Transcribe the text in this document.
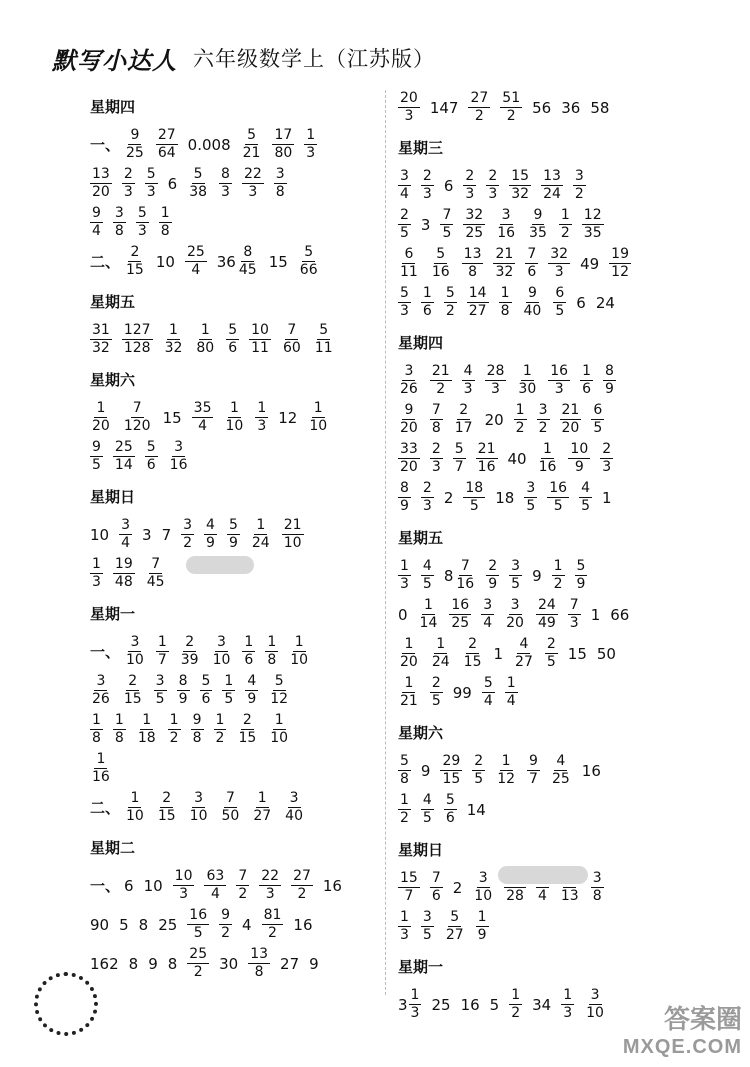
默写小达人 六年级数学上（江苏版）
星期四
一、 $\frac{9}{25} \frac{27}{64} 0.008 \frac{5}{21} \frac{17}{80} \frac{1}{3}$
$\frac{13}{20} \frac{2}{3} \frac{5}{3} 6 \frac{5}{38} \frac{8}{3} \frac{22}{3} \frac{3}{8}$
$\frac{9}{4} \frac{3}{8} \frac{5}{3} \frac{1}{8}$
二、 $\frac{2}{15} 10 \frac{25}{4} 36 \frac{8}{45} 15 \frac{5}{66}$
星期五
$\frac{31}{32} \frac{127}{128} \frac{1}{32} \frac{1}{80} \frac{5}{6} \frac{10}{11} \frac{7}{60} \frac{5}{11}$
星期六
$\frac{1}{20} \frac{7}{120} 15 \frac{35}{4} \frac{1}{10} \frac{1}{3} 12 \frac{1}{10}$
$\frac{9}{5} \frac{25}{14} \frac{5}{6} \frac{3}{16}$
星期日
$10 \frac{3}{4} 3$ $7 \frac{3}{2} \frac{4}{9} \frac{5}{9} \frac{1}{24} \frac{21}{10}$
$\frac{1}{3} \frac{19}{48} \frac{7}{45}$
星期一
一、 $\frac{3}{10} \frac{1}{7} \frac{2}{39} \frac{3}{10} \frac{1}{6} \frac{1}{8} \frac{1}{10}$
$\frac{3}{26} \frac{2}{15} \frac{3}{5} \frac{8}{9} \frac{5}{6} \frac{1}{5} \frac{4}{9} \frac{5}{12}$
$\frac{1}{8} \frac{1}{8} \frac{1}{18} \frac{1}{2} \frac{9}{8} \frac{1}{2} \frac{2}{15} \frac{1}{10}$
$\frac{1}{16}$
二、 $\frac{1}{10} \frac{2}{15} \frac{3}{10} \frac{7}{50} \frac{1}{27} \frac{3}{40}$
星期二
一、 6 $10 \frac{10}{3} \frac{63}{4} \frac{7}{2} \frac{22}{3} \frac{27}{2} 16$
90 5 8 $25 \frac{16}{5} \frac{9}{2} 4 \frac{81}{2} 16$
162 8 9 $8 \frac{25}{2} 30 \frac{13}{8} 27$ 9
$\frac{20}{3} 147 \frac{27}{2} \frac{51}{2} 56$ 36 58
星期三
$\frac{3}{4} \frac{2}{3} 6 \frac{2}{3} \frac{2}{3} \frac{15}{32} \frac{13}{24} \frac{3}{2}$
$\frac{2}{5} 3 \frac{7}{5} \frac{32}{25} \frac{3}{16} \frac{9}{35} \frac{1}{2} \frac{12}{35}$
$\frac{6}{11} \frac{5}{16} \frac{13}{8} \frac{21}{32} \frac{7}{6} \frac{32}{3} 49 \frac{19}{12}$
$\frac{5}{3} \frac{1}{6} \frac{5}{2} \frac{14}{27} \frac{1}{8} \frac{9}{40} \frac{6}{5} 6$ 24
星期四
$\frac{3}{26} \frac{21}{2} \frac{4}{3} \frac{28}{3} \frac{1}{30} \frac{16}{3} \frac{1}{6} \frac{8}{9}$
$\frac{9}{20} \frac{7}{8} \frac{2}{17} 20 \frac{1}{2} \frac{3}{2} \frac{21}{20} \frac{6}{5}$
$\frac{33}{20} \frac{2}{3} \frac{5}{7} \frac{21}{16} 40 \frac{1}{16} \frac{10}{9} \frac{2}{3}$
$\frac{8}{9} \frac{2}{3} 2 \frac{18}{5} 18 \frac{3}{5} \frac{16}{5} \frac{4}{5} 1$
星期五
$\frac{1}{3} \frac{4}{5} 8 \frac{7}{16} \frac{2}{9} \frac{3}{5} 9 \frac{1}{2} \frac{5}{9}$
$0 \frac{1}{14} \frac{16}{25} \frac{3}{4} \frac{3}{20} \frac{24}{49} \frac{7}{3} 1$ 66
$\frac{1}{20} \frac{1}{24} \frac{2}{15} 1 \frac{4}{27} \frac{2}{5} 15$ 50
$\frac{1}{21} \frac{2}{5} 99 \frac{5}{4} \frac{1}{4}$
星期六
$\frac{5}{8} 9 \frac{29}{15} \frac{2}{5} \frac{1}{12} \frac{9}{7} \frac{4}{25} 16$
$\frac{1}{2} \frac{4}{5} \frac{5}{6} 14$
星期日
$\frac{15}{7} \frac{7}{6} 2 \frac{3}{10} 28$ 4 $13 \frac{3}{8}$
$\frac{1}{3} \frac{3}{5} \frac{5}{27} \frac{1}{9}$
星期一
$3 \frac{1}{3} 25$ 16 $5 \frac{1}{2} 34 \frac{1}{3} \frac{3}{10}$	答案圈
MXQE.COM
